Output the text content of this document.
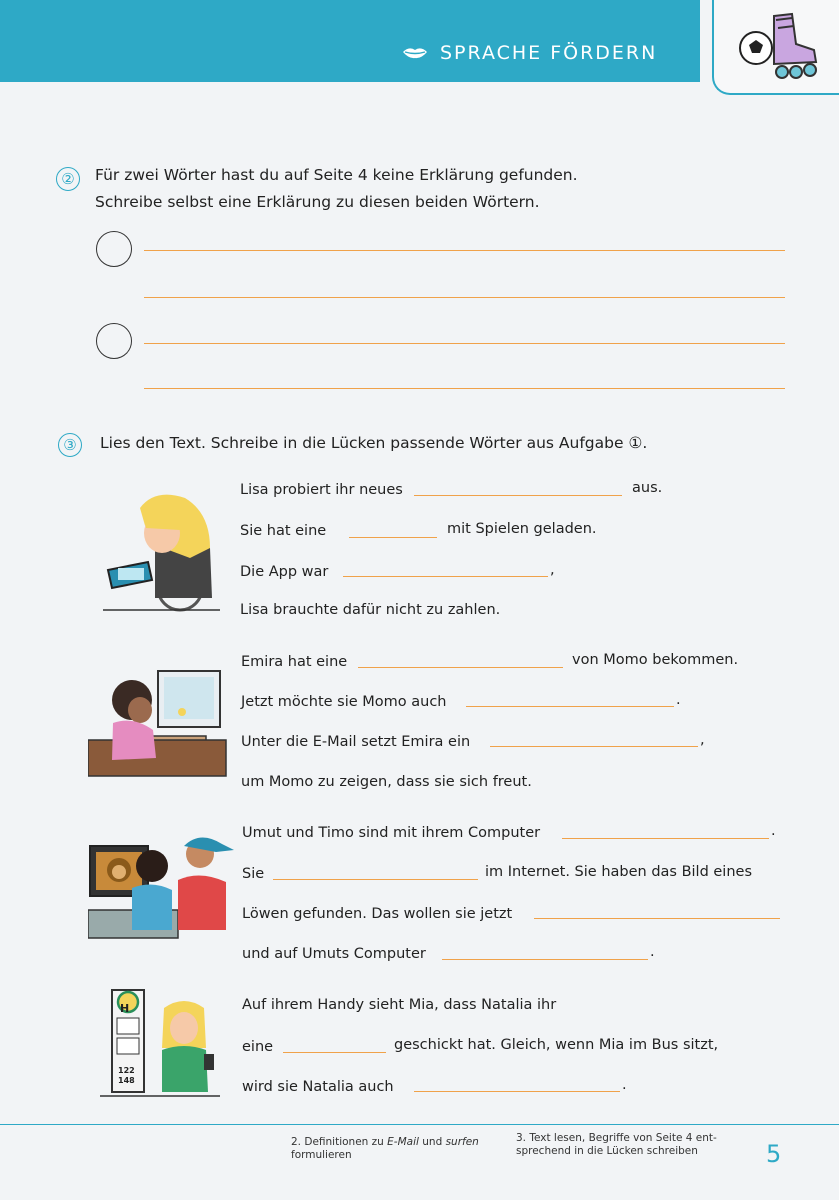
SPRACHE FÖRDERN
②	Für zwei Wörter hast du auf Seite 4 keine Erklärung gefunden.
Schreibe selbst eine Erklärung zu diesen beiden Wörtern.
③	Lies den Text. Schreibe in die Lücken passende Wörter aus Aufgabe ①.
Lisa probiert ihr neues	aus.
Sie hat eine	mit Spielen geladen.
Die App war	,
Lisa brauchte dafür nicht zu zahlen.
Emira hat eine	von Momo bekommen.
Jetzt möchte sie Momo auch	.
Unter die E-Mail setzt Emira ein	,
um Momo zu zeigen, dass sie sich freut.
Umut und Timo sind mit ihrem Computer	.
Sie	im Internet. Sie haben das Bild eines
Löwen gefunden. Das wollen sie jetzt
und auf Umuts Computer	.
H
122
148
Auf ihrem Handy sieht Mia, dass Natalia ihr
eine	geschickt hat. Gleich, wenn Mia im Bus sitzt,
wird sie Natalia auch	.
2. Definitionen zu E-Mail und surfen
formulieren
3. Text lesen, Begriffe von Seite 4 ent-
sprechend in die Lücken schreiben	5
